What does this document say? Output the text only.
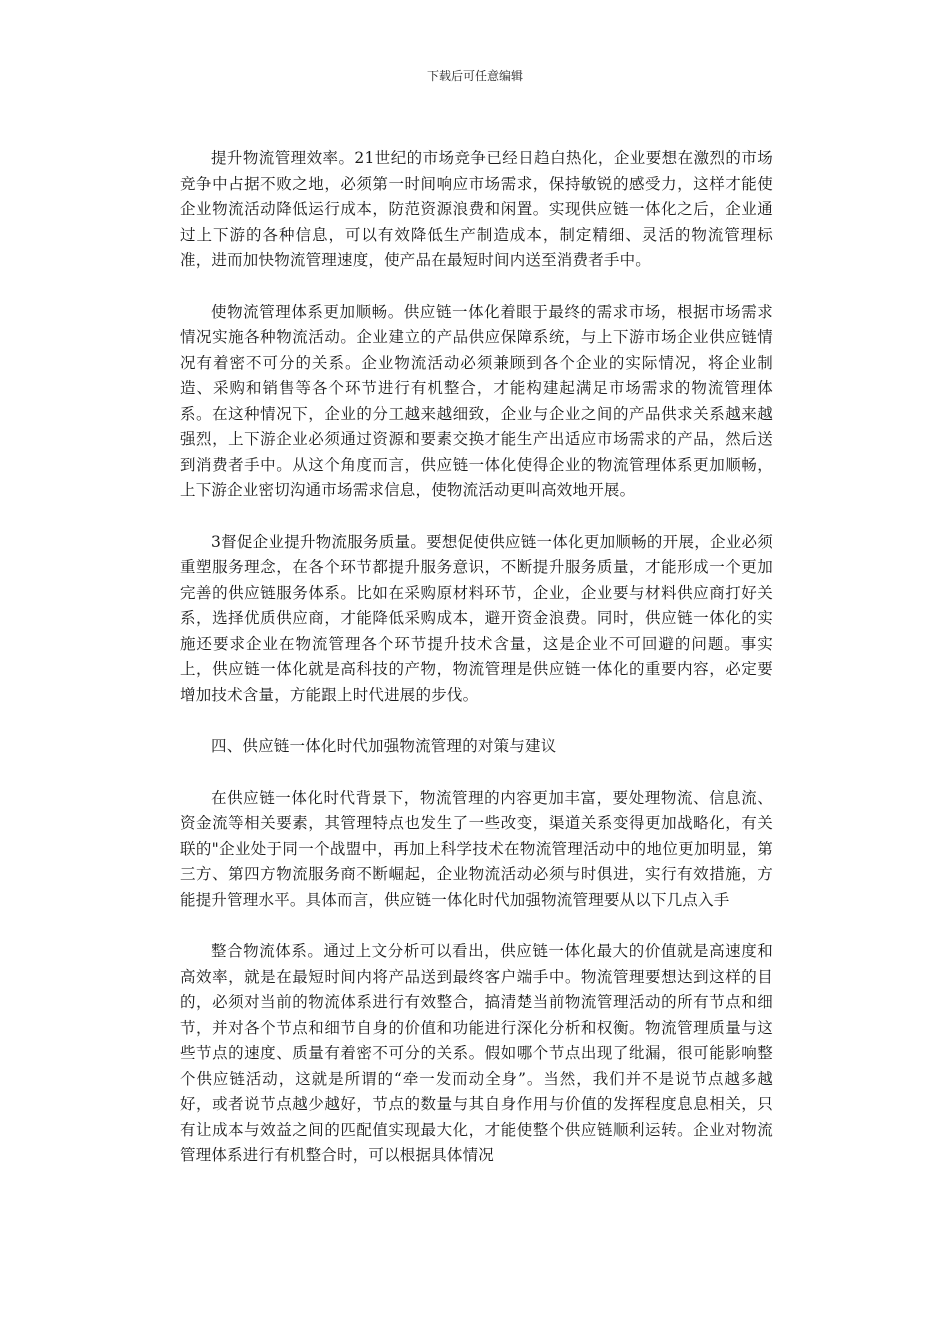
下载后可任意编辑

提升物流管理效率。21世纪的市场竞争已经日趋白热化，企业要想在激烈的市场竞争中占据不败之地，必须第一时间响应市场需求，保持敏锐的感受力，这样才能使企业物流活动降低运行成本，防范资源浪费和闲置。实现供应链一体化之后，企业通过上下游的各种信息，可以有效降低生产制造成本，制定精细、灵活的物流管理标准，进而加快物流管理速度，使产品在最短时间内送至消费者手中。

使物流管理体系更加顺畅。供应链一体化着眼于最终的需求市场，根据市场需求情况实施各种物流活动。企业建立的产品供应保障系统，与上下游市场企业供应链情况有着密不可分的关系。企业物流活动必须兼顾到各个企业的实际情况，将企业制造、采购和销售等各个环节进行有机整合，才能构建起满足市场需求的物流管理体系。在这种情况下，企业的分工越来越细致，企业与企业之间的产品供求关系越来越强烈，上下游企业必须通过资源和要素交换才能生产出适应市场需求的产品，然后送到消费者手中。从这个角度而言，供应链一体化使得企业的物流管理体系更加顺畅，上下游企业密切沟通市场需求信息，使物流活动更叫高效地开展。

3督促企业提升物流服务质量。要想促使供应链一体化更加顺畅的开展，企业必须重塑服务理念，在各个环节都提升服务意识，不断提升服务质量，才能形成一个更加完善的供应链服务体系。比如在采购原材料环节，企业，企业要与材料供应商打好关系，选择优质供应商，才能降低采购成本，避开资金浪费。同时，供应链一体化的实施还要求企业在物流管理各个环节提升技术含量，这是企业不可回避的问题。事实上，供应链一体化就是高科技的产物，物流管理是供应链一体化的重要内容，必定要增加技术含量，方能跟上时代进展的步伐。

四、供应链一体化时代加强物流管理的对策与建议

在供应链一体化时代背景下，物流管理的内容更加丰富，要处理物流、信息流、资金流等相关要素，其管理特点也发生了一些改变，渠道关系变得更加战略化，有关联的"企业处于同一个战盟中，再加上科学技术在物流管理活动中的地位更加明显，第三方、第四方物流服务商不断崛起，企业物流活动必须与时俱进，实行有效措施，方能提升管理水平。具体而言，供应链一体化时代加强物流管理要从以下几点入手

整合物流体系。通过上文分析可以看出，供应链一体化最大的价值就是高速度和高效率，就是在最短时间内将产品送到最终客户端手中。物流管理要想达到这样的目的，必须对当前的物流体系进行有效整合，搞清楚当前物流管理活动的所有节点和细节，并对各个节点和细节自身的价值和功能进行深化分析和权衡。物流管理质量与这些节点的速度、质量有着密不可分的关系。假如哪个节点出现了纰漏，很可能影响整个供应链活动，这就是所谓的“牵一发而动全身”。当然，我们并不是说节点越多越好，或者说节点越少越好，节点的数量与其自身作用与价值的发挥程度息息相关，只有让成本与效益之间的匹配值实现最大化，才能使整个供应链顺利运转。企业对物流管理体系进行有机整合时，可以根据具体情况
